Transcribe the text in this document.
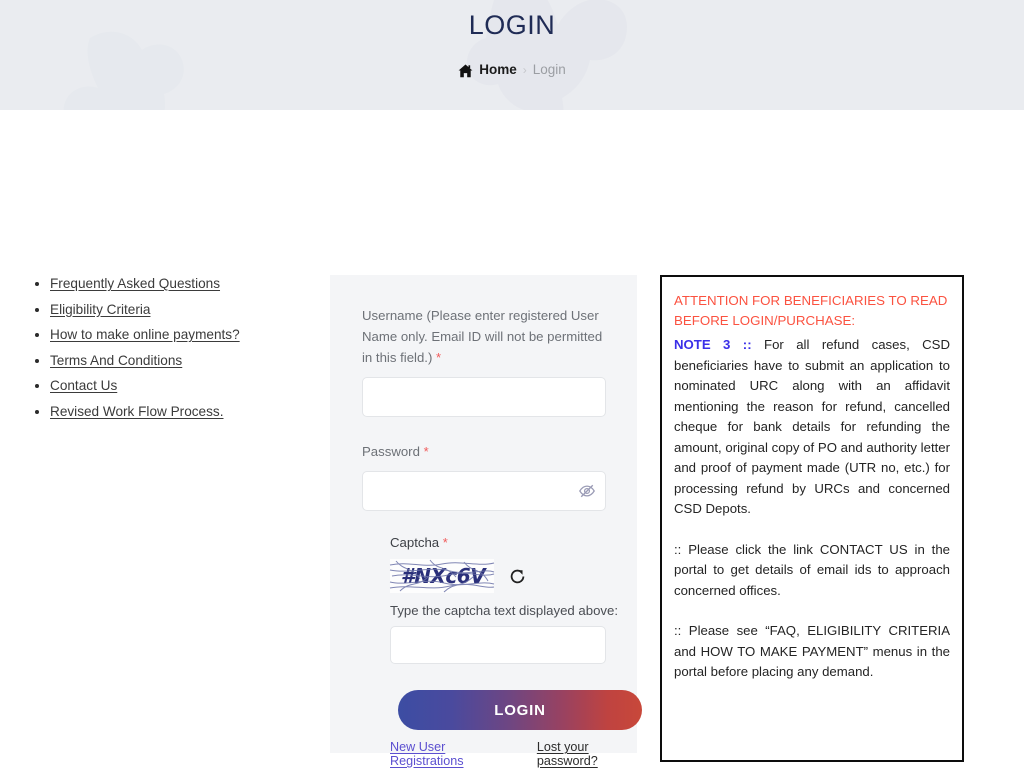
LOGIN
Home › Login
• Frequently Asked Questions
• Eligibility Criteria
• How to make online payments?
• Terms And Conditions
• Contact Us
• Revised Work Flow Process.

Username (Please enter registered User Name only. Email ID will not be permitted in this field.) *

Password *

Captcha *

#NXc6V

Type the captcha text displayed above:

LOGIN
New User Registrations
Lost your password?

ATTENTION FOR BENEFICIARIES TO READ BEFORE LOGIN/PURCHASE:

NOTE 3 :: For all refund cases, CSD beneficiaries have to submit an application to nominated URC along with an affidavit mentioning the reason for refund, cancelled cheque for bank details for refunding the amount, original copy of PO and authority letter and proof of payment made (UTR no, etc.) for processing refund by URCs and concerned CSD Depots.

:: Please click the link CONTACT US in the portal to get details of email ids to approach concerned offices.

:: Please see “FAQ, ELIGIBILITY CRITERIA and HOW TO MAKE PAYMENT” menus in the portal before placing any demand.
